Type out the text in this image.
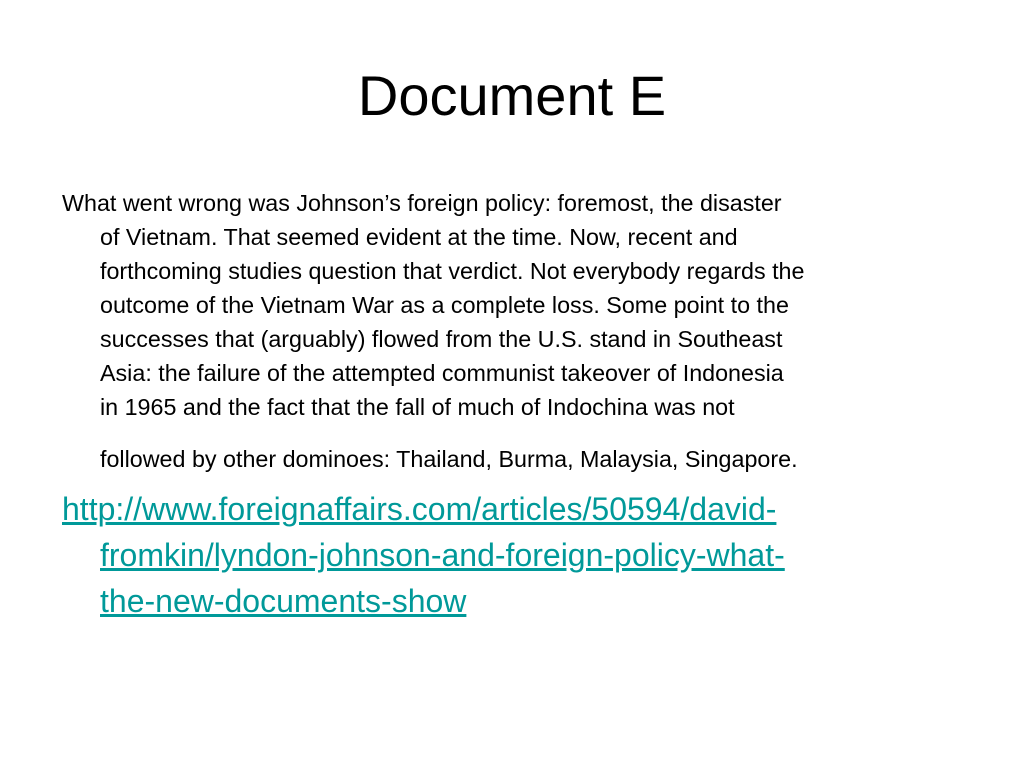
Document E
What went wrong was Johnson’s foreign policy: foremost, the disaster
of Vietnam. That seemed evident at the time. Now, recent and
forthcoming studies question that verdict. Not everybody regards the
outcome of the Vietnam War as a complete loss. Some point to the
successes that (arguably) flowed from the U.S. stand in Southeast
Asia: the failure of the attempted communist takeover of Indonesia
in 1965 and the fact that the fall of much of Indochina was not
followed by other dominoes: Thailand, Burma, Malaysia, Singapore.
http://www.foreignaffairs.com/articles/50594/david-
fromkin/lyndon-johnson-and-foreign-policy-what-
the-new-documents-show
